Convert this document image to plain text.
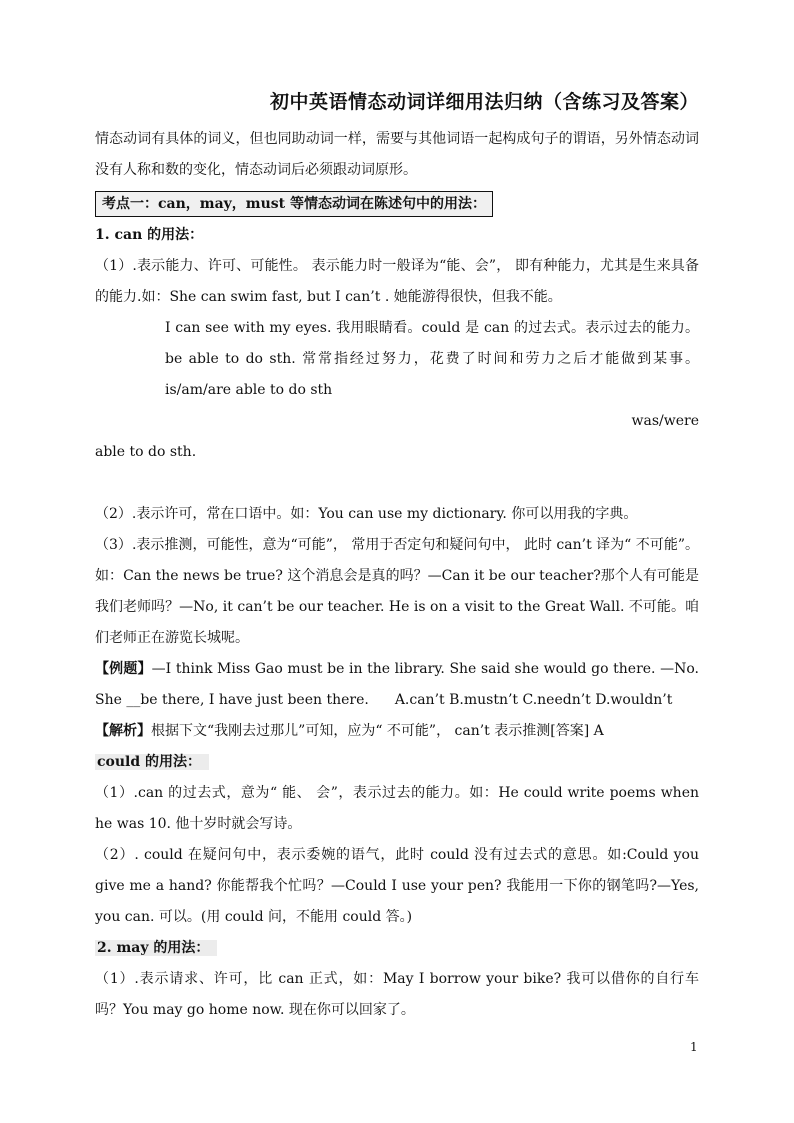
初中英语情态动词详细用法归纳（含练习及答案）

情态动词有具体的词义，但也同助动词一样，需要与其他词语一起构成句子的谓语，另外情态动词没有人称和数的变化，情态动词后必须跟动词原形。

考点一：can，may，must 等情态动词在陈述句中的用法：

1. can 的用法：

（1）.表示能力、许可、可能性。 表示能力时一般译为“能、会”， 即有种能力，尤其是生来具备的能力.如：She can swim fast, but I can’t . 她能游得很快，但我不能。

I can see with my eyes. 我用眼睛看。could 是 can 的过去式。表示过去的能力。be able to do sth. 常常指经过努力，花费了时间和劳力之后才能做到某事。is/am/are able to do sth

was/were

able to do sth.

（2）.表示许可，常在口语中。如：You can use my dictionary. 你可以用我的字典。

（3）.表示推测，可能性，意为“可能”， 常用于否定句和疑问句中， 此时 can’t 译为“ 不可能”。 如：Can the news be true? 这个消息会是真的吗？—Can it be our teacher?那个人有可能是我们老师吗？—No, it can’t be our teacher. He is on a visit to the Great Wall. 不可能。咱们老师正在游览长城呢。

【例题】—I think Miss Gao must be in the library. She said she would go there. —No. She __be there, I have just been there. A.can’t B.mustn’t C.needn’t D.wouldn’t

【解析】根据下文“我刚去过那儿”可知，应为“ 不可能”， can’t 表示推测[答案] A

could 的用法：

（1）.can 的过去式，意为“ 能、 会”，表示过去的能力。如：He could write poems when he was 10. 他十岁时就会写诗。

（2）. could 在疑问句中，表示委婉的语气，此时 could 没有过去式的意思。如:Could you give me a hand? 你能帮我个忙吗？—Could I use your pen? 我能用一下你的钢笔吗?—Yes, you can. 可以。(用 could 问，不能用 could 答。)

2. may 的用法：

（1）.表示请求、许可，比 can 正式，如：May I borrow your bike? 我可以借你的自行车吗？You may go home now. 现在你可以回家了。

1
